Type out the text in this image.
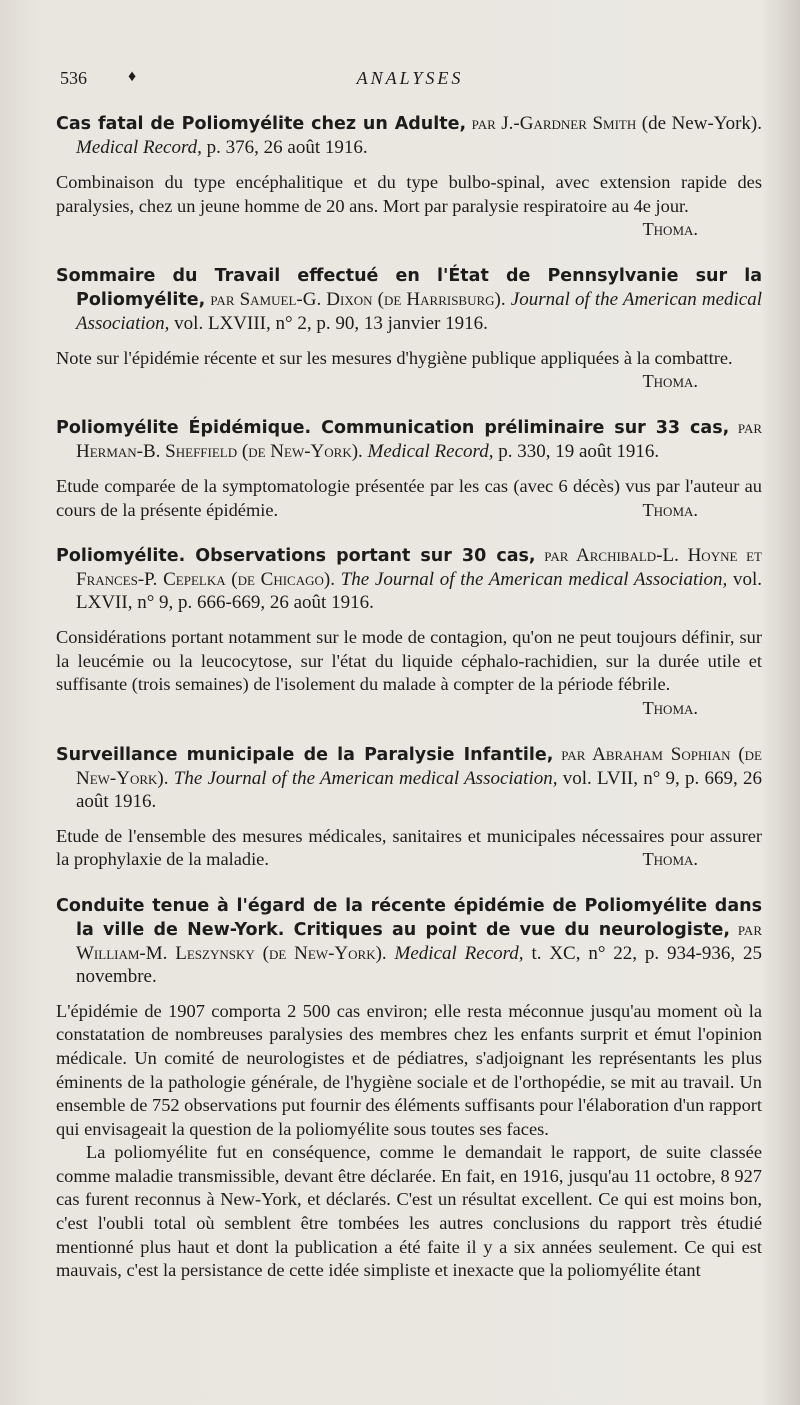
536	♦	ANALYSES
Cas fatal de Poliomyélite chez un Adulte, par J.-Gardner Smith (de New-York). Medical Record, p. 376, 26 août 1916.
Combinaison du type encéphalitique et du type bulbo-spinal, avec extension rapide des paralysies, chez un jeune homme de 20 ans. Mort par paralysie respiratoire au 4e jour.
Thoma.
Sommaire du Travail effectué en l'État de Pennsylvanie sur la Poliomyélite, par Samuel-G. Dixon (de Harrisburg). Journal of the American medical Association, vol. LXVIII, n° 2, p. 90, 13 janvier 1916.
Note sur l'épidémie récente et sur les mesures d'hygiène publique appliquées à la combattre.
Thoma.
Poliomyélite Épidémique. Communication préliminaire sur 33 cas, par Herman-B. Sheffield (de New-York). Medical Record, p. 330, 19 août 1916.
Etude comparée de la symptomatologie présentée par les cas (avec 6 décès) vus par l'auteur au cours de la présente épidémie.	Thoma.
Poliomyélite. Observations portant sur 30 cas, par Archibald-L. Hoyne et Frances-P. Cepelka (de Chicago). The Journal of the American medical Association, vol. LXVII, n° 9, p. 666-669, 26 août 1916.
Considérations portant notamment sur le mode de contagion, qu'on ne peut toujours définir, sur la leucémie ou la leucocytose, sur l'état du liquide céphalo-rachidien, sur la durée utile et suffisante (trois semaines) de l'isolement du malade à compter de la période fébrile.
Thoma.
Surveillance municipale de la Paralysie Infantile, par Abraham Sophian (de New-York). The Journal of the American medical Association, vol. LVII, n° 9, p. 669, 26 août 1916.
Etude de l'ensemble des mesures médicales, sanitaires et municipales nécessaires pour assurer la prophylaxie de la maladie.	Thoma.
Conduite tenue à l'égard de la récente épidémie de Poliomyélite dans la ville de New-York. Critiques au point de vue du neurologiste, par William-M. Leszynsky (de New-York). Medical Record, t. XC, n° 22, p. 934-936, 25 novembre.

L'épidémie de 1907 comporta 2 500 cas environ; elle resta méconnue jusqu'au moment où la constatation de nombreuses paralysies des membres chez les enfants surprit et émut l'opinion médicale. Un comité de neurologistes et de pédiatres, s'adjoignant les représentants les plus éminents de la pathologie générale, de l'hygiène sociale et de l'orthopédie, se mit au travail. Un ensemble de 752 observations put fournir des éléments suffisants pour l'élaboration d'un rapport qui envisageait la question de la poliomyélite sous toutes ses faces.

La poliomyélite fut en conséquence, comme le demandait le rapport, de suite classée comme maladie transmissible, devant être déclarée. En fait, en 1916, jusqu'au 11 octobre, 8 927 cas furent reconnus à New-York, et déclarés. C'est un résultat excellent. Ce qui est moins bon, c'est l'oubli total où semblent être tombées les autres conclusions du rapport très étudié mentionné plus haut et dont la publication a été faite il y a six années seulement. Ce qui est mauvais, c'est la persistance de cette idée simpliste et inexacte que la poliomyélite étant
